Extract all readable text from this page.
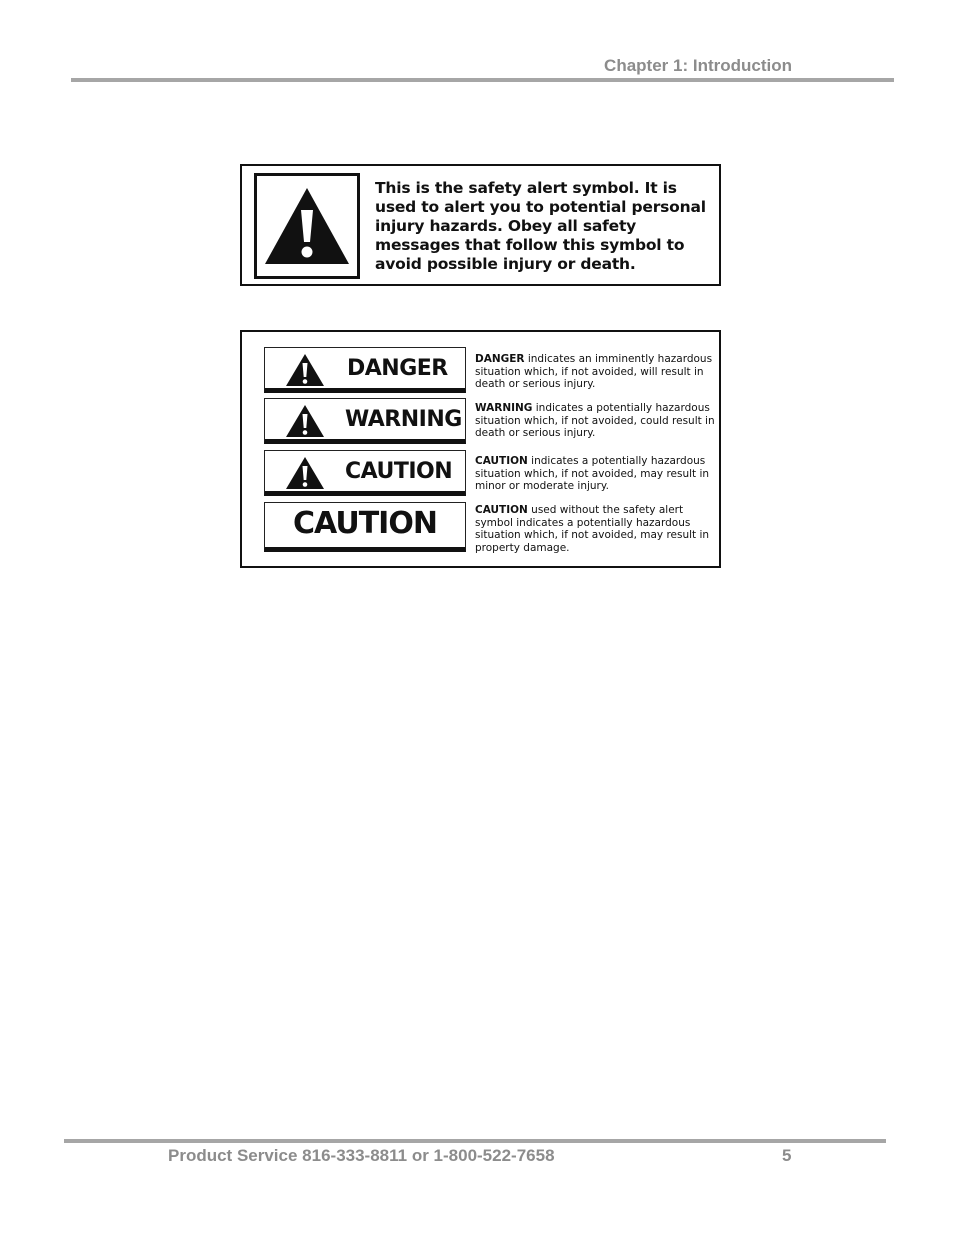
Chapter 1: Introduction
This is the safety alert symbol. It is used to alert you to potential personal injury hazards. Obey all safety messages that follow this symbol to avoid possible injury or death.
DANGER	DANGER indicates an imminently hazardous situation which, if not avoided, will result in death or serious injury.
WARNING WARNING indicates a potentially hazardous situation which, if not avoided, could result in death or serious injury.
CAUTION CAUTION indicates a potentially hazardous situation which, if not avoided, may result in minor or moderate injury.
CAUTION	CAUTION used without the safety alert symbol indicates a potentially hazardous situation which, if not avoided, may result in property damage.
Product Service 816-333-8811 or 1-800-522-7658	5
